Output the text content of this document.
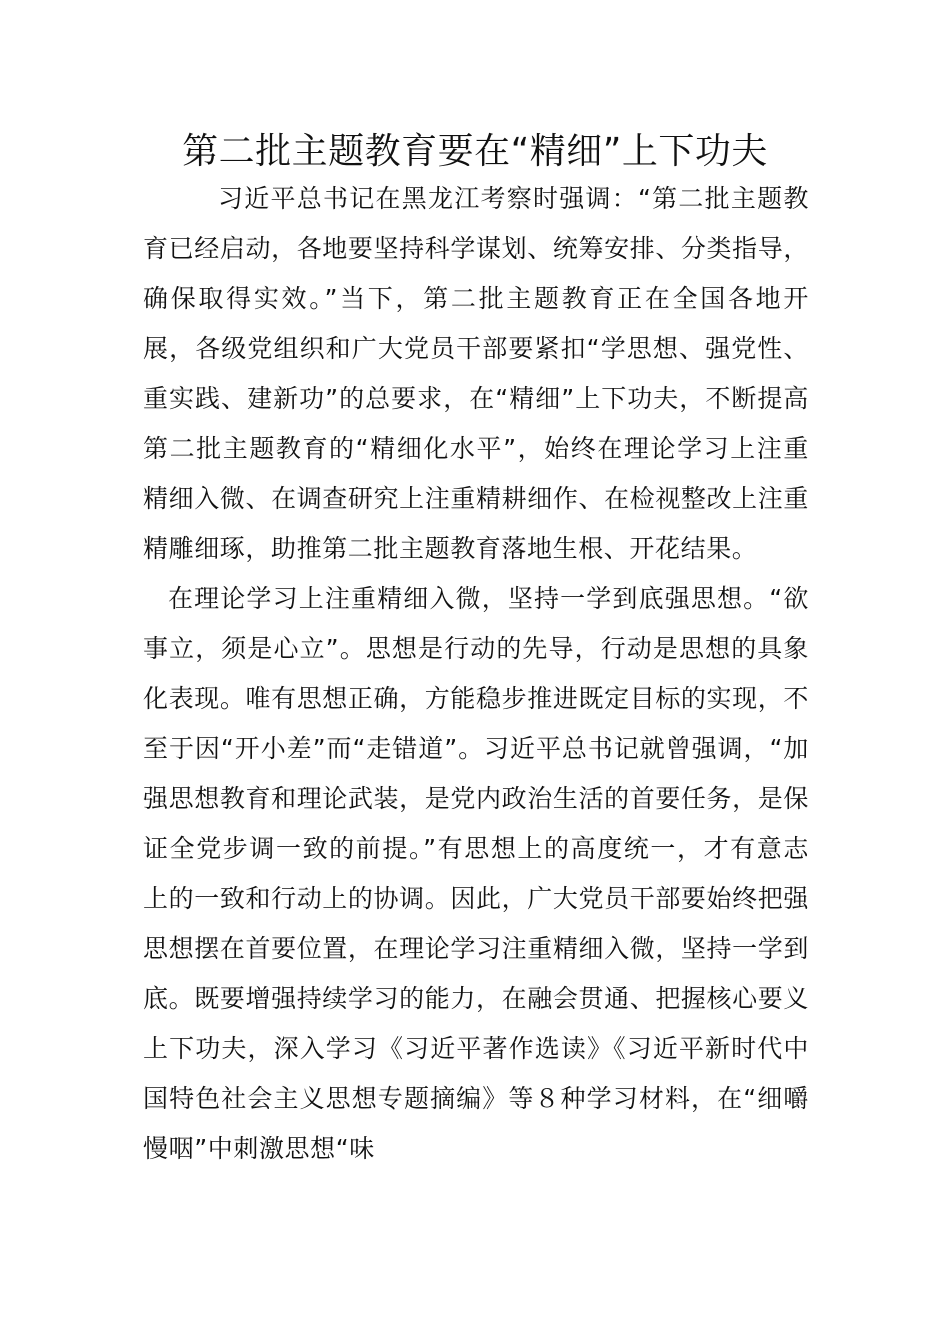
第二批主题教育要在“精细”上下功夫

习近平总书记在黑龙江考察时强调：“第二批主题教育已经启动，各地要坚持科学谋划、统筹安排、分类指导，确保取得实效。”当下，第二批主题教育正在全国各地开展，各级党组织和广大党员干部要紧扣“学思想、强党性、重实践、建新功”的总要求，在“精细”上下功夫，不断提高第二批主题教育的“精细化水平”，始终在理论学习上注重精细入微、在调查研究上注重精耕细作、在检视整改上注重精雕细琢，助推第二批主题教育落地生根、开花结果。

在理论学习上注重精细入微，坚持一学到底强思想。“欲事立，须是心立”。思想是行动的先导，行动是思想的具象化表现。唯有思想正确，方能稳步推进既定目标的实现，不至于因“开小差”而“走错道”。习近平总书记就曾强调，“加强思想教育和理论武装，是党内政治生活的首要任务，是保证全党步调一致的前提。”有思想上的高度统一，才有意志上的一致和行动上的协调。因此，广大党员干部要始终把强思想摆在首要位置，在理论学习注重精细入微，坚持一学到底。既要增强持续学习的能力，在融会贯通、把握核心要义上下功夫，深入学习《习近平著作选读》《习近平新时代中国特色社会主义思想专题摘编》等８种学习材料，在“细嚼慢咽”中刺激思想“味
